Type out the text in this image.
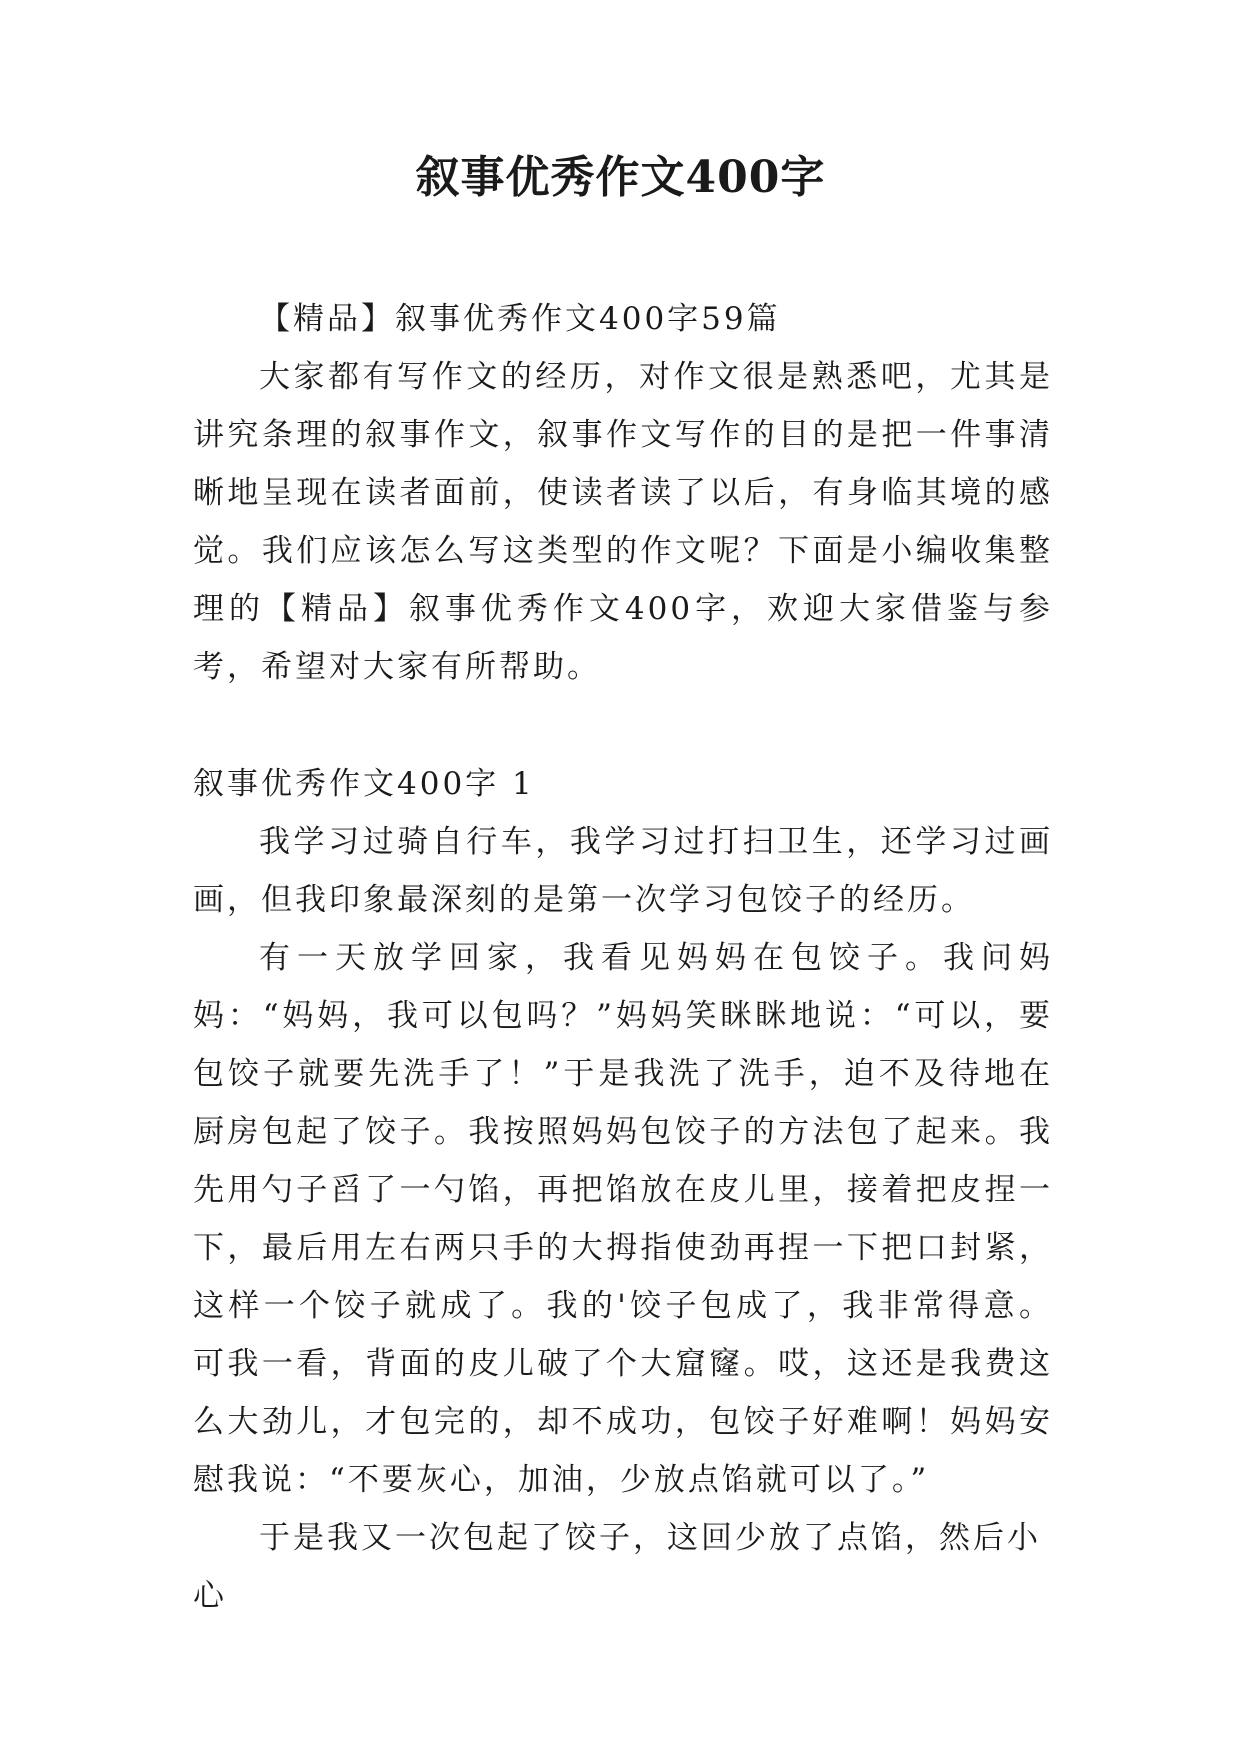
叙事优秀作文400字

【精品】叙事优秀作文400字59篇

大家都有写作文的经历，对作文很是熟悉吧，尤其是讲究条理的叙事作文，叙事作文写作的目的是把一件事清晰地呈现在读者面前，使读者读了以后，有身临其境的感觉。我们应该怎么写这类型的作文呢？下面是小编收集整理的【精品】叙事优秀作文400字，欢迎大家借鉴与参考，希望对大家有所帮助。

叙事优秀作文400字 1

我学习过骑自行车，我学习过打扫卫生，还学习过画画，但我印象最深刻的是第一次学习包饺子的经历。

有一天放学回家，我看见妈妈在包饺子。我问妈妈：“妈妈，我可以包吗？”妈妈笑眯眯地说：“可以，要包饺子就要先洗手了！”于是我洗了洗手，迫不及待地在厨房包起了饺子。我按照妈妈包饺子的方法包了起来。我先用勺子舀了一勺馅，再把馅放在皮儿里，接着把皮捏一下，最后用左右两只手的大拇指使劲再捏一下把口封紧，这样一个饺子就成了。我的'饺子包成了，我非常得意。可我一看，背面的皮儿破了个大窟窿。哎，这还是我费这么大劲儿，才包完的，却不成功，包饺子好难啊！妈妈安慰我说：“不要灰心，加油，少放点馅就可以了。”

于是我又一次包起了饺子，这回少放了点馅，然后小心
